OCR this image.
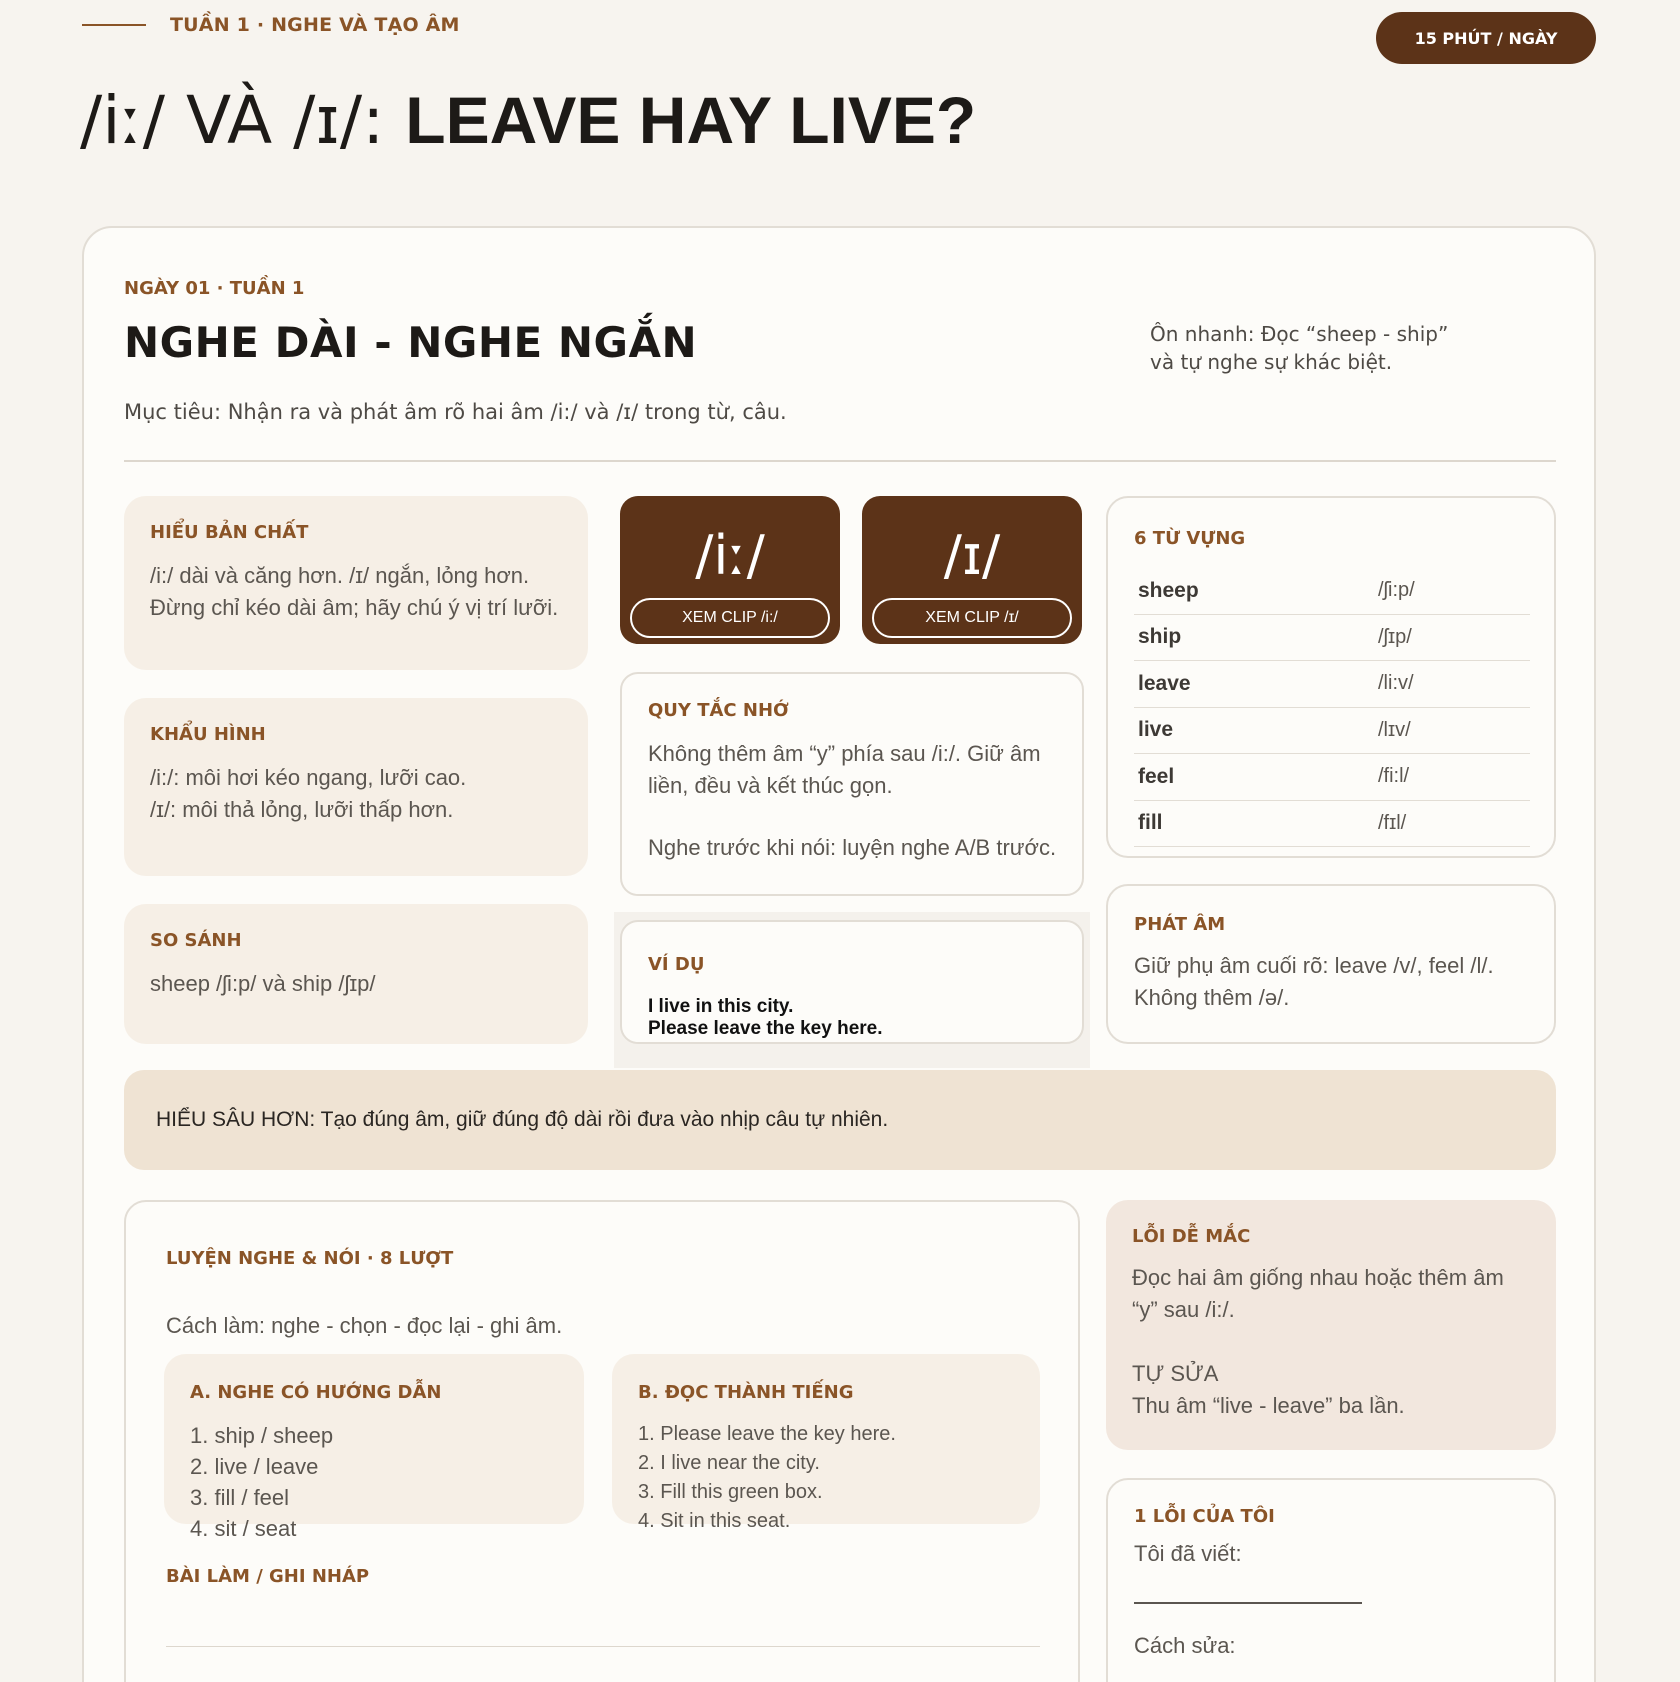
TUẦN 1 · NGHE VÀ TẠO ÂM
15 PHÚT / NGÀY
/iː/ VÀ /ɪ/: LEAVE HAY LIVE?
NGÀY 01 · TUẦN 1
NGHE DÀI - NGHE NGẮN	Ôn nhanh: Đọc “sheep - ship” và tự nghe sự khác biệt.
Mục tiêu: Nhận ra và phát âm rõ hai âm /i:/ và /ɪ/ trong từ, câu.
HIỂU BẢN CHẤT
/i:/ dài và căng hơn. /ɪ/ ngắn, lỏng hơn. Đừng chỉ kéo dài âm; hãy chú ý vị trí lưỡi.
KHẨU HÌNH
/i:/: môi hơi kéo ngang, lưỡi cao.
/ɪ/: môi thả lỏng, lưỡi thấp hơn.
SO SÁNH
sheep /ʃi:p/ và ship /ʃɪp/
/iː/
XEM CLIP /i:/
/ɪ/
XEM CLIP /ɪ/
QUY TẮC NHỚ
Không thêm âm “y” phía sau /i:/. Giữ âm liền, đều và kết thúc gọn.
Nghe trước khi nói: luyện nghe A/B trước.
VÍ DỤ
I live in this city.
Please leave the key here.
6 TỪ VỰNG
sheep	/ʃi:p/
ship	/ʃɪp/
leave	/li:v/
live	/lɪv/
feel	/fi:l/
fill	/fɪl/
PHÁT ÂM
Giữ phụ âm cuối rõ: leave /v/, feel /l/. Không thêm /ə/.
HIỂU SÂU HƠN: Tạo đúng âm, giữ đúng độ dài rồi đưa vào nhịp câu tự nhiên.
LUYỆN NGHE & NÓI · 8 LƯỢT
Cách làm: nghe - chọn - đọc lại - ghi âm.
A. NGHE CÓ HƯỚNG DẪN
1. ship / sheep
2. live / leave
3. fill / feel
4. sit / seat
B. ĐỌC THÀNH TIẾNG
1. Please leave the key here.
2. I live near the city.
3. Fill this green box.
4. Sit in this seat.
BÀI LÀM / GHI NHÁP
LỖI DỄ MẮC
Đọc hai âm giống nhau hoặc thêm âm “y” sau /i:/.
TỰ SỬA
Thu âm “live - leave” ba lần.
1 LỖI CỦA TÔI
Tôi đã viết:
Cách sửa:
